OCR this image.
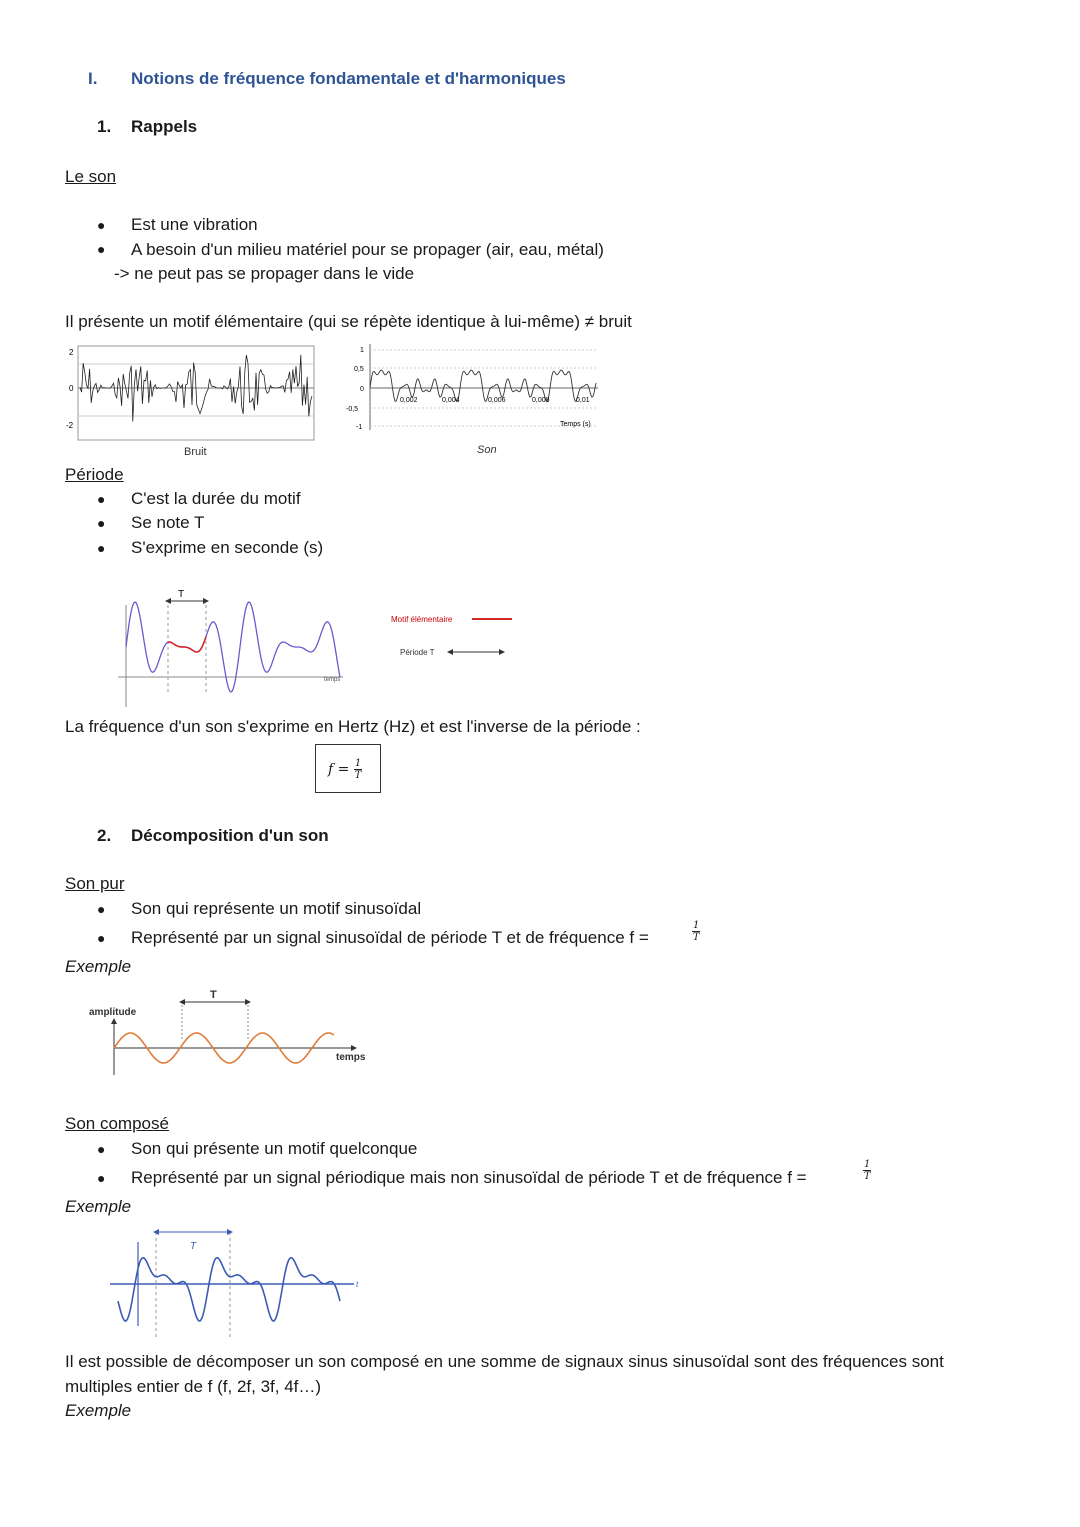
I. Notions de fréquence fondamentale et d'harmoniques
1. Rappels
Le son
● Est une vibration
● A besoin d'un milieu matériel pour se propager (air, eau, métal)
-> ne peut pas se propager dans le vide
Il présente un motif élémentaire (qui se répète identique à lui-même) ≠ bruit
2
0
-2
Bruit
1
0,5
0
-0,5
-1
0,002	0,004	0,006	0,008	0,01
Temps (s)
Son
Période
● C'est la durée du motif
● Se note T
● S'exprime en seconde (s)
T
temps
Motif élémentaire
Période T
La fréquence d'un son s'exprime en Hertz (Hz) et est l'inverse de la période :
$f = \frac{1}{T}$
2. Décomposition d'un son
Son pur
● Son qui représente un motif sinusoïdal
● Représenté par un signal sinusoïdal de période T et de fréquence f =	$\frac{1}{T}$
Exemple
amplitude
T
temps
Son composé
● Son qui présente un motif quelconque
● Représenté par un signal périodique mais non sinusoïdal de période T et de fréquence f =	$\frac{1}{T}$
Exemple
T
t
Il est possible de décomposer un son composé en une somme de signaux sinus sinusoïdal sont des fréquences sont
multiples entier de f (f, 2f, 3f, 4f…)
Exemple
